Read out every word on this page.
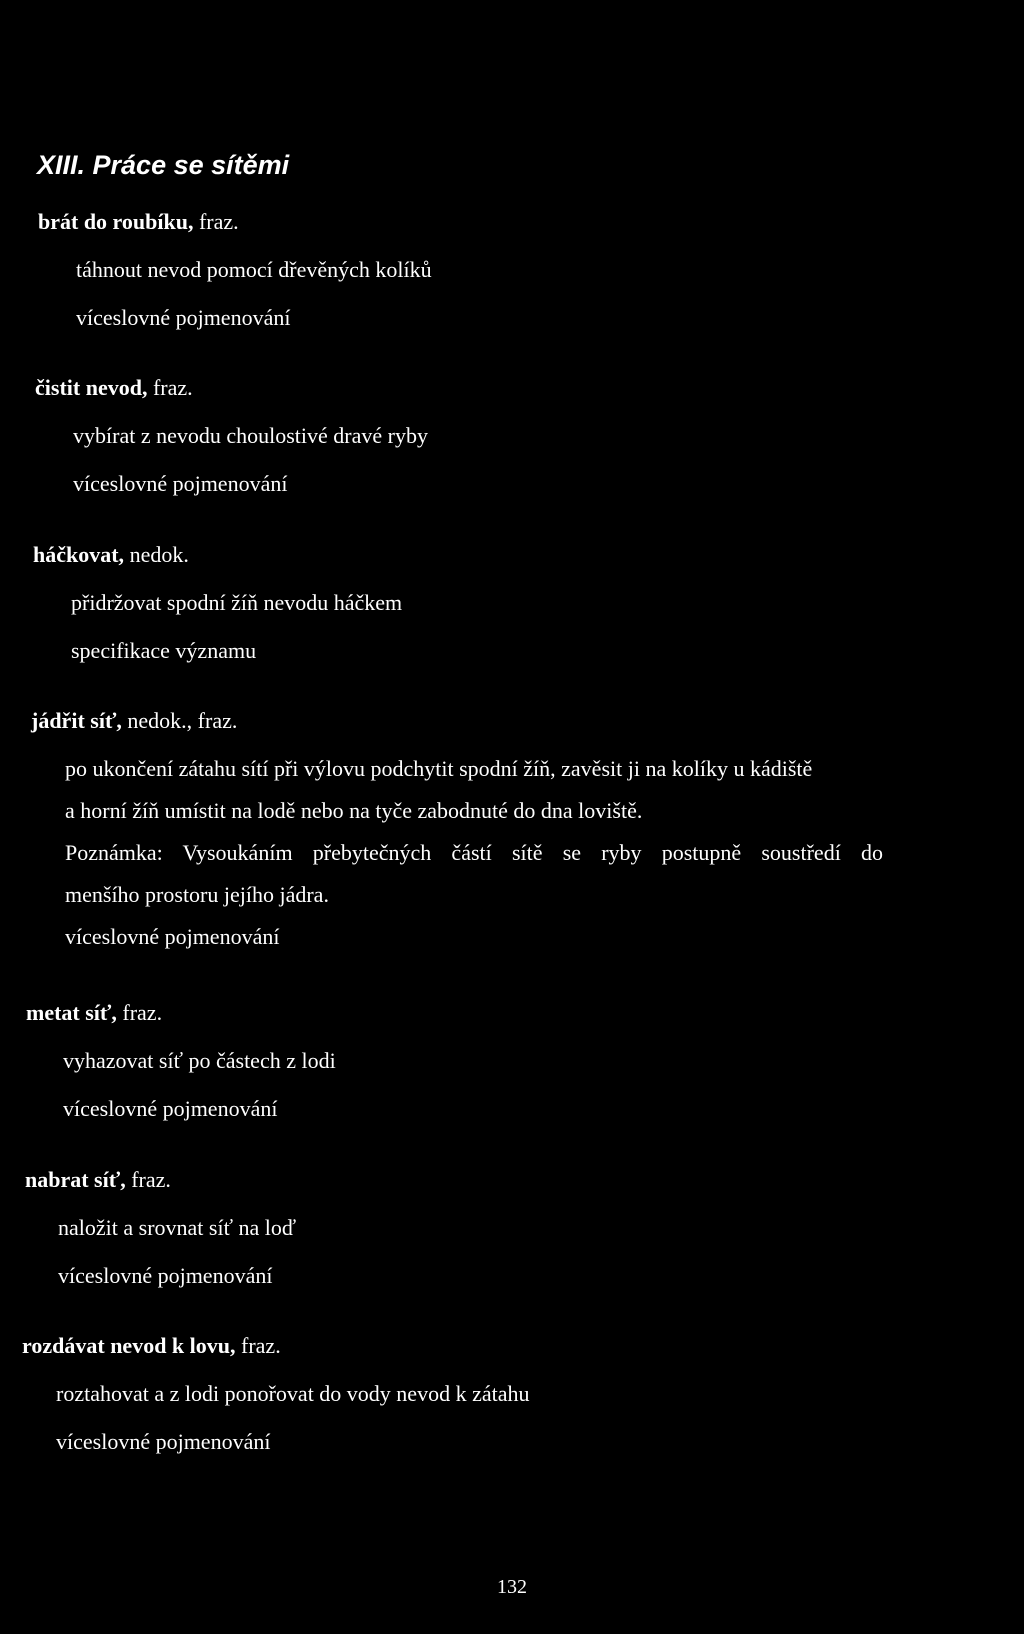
XIII. Práce se sítěmi
brát do roubíku, fraz.
táhnout nevod pomocí dřevěných kolíků
víceslovné pojmenování
čistit nevod, fraz.
vybírat z nevodu choulostivé dravé ryby
víceslovné pojmenování
háčkovat, nedok.
přidržovat spodní žíň nevodu háčkem
specifikace významu
jádřit síť, nedok., fraz.
po ukončení zátahu sítí při výlovu podchytit spodní žíň, zavěsit ji na kolíky u kádiště
a horní žíň umístit na lodě nebo na tyče zabodnuté do dna loviště.
Poznámka: Vysoukáním přebytečných částí sítě se ryby postupně soustředí do
menšího prostoru jejího jádra.
víceslovné pojmenování
metat síť, fraz.
vyhazovat síť po částech z lodi
víceslovné pojmenování
nabrat síť, fraz.
naložit a srovnat síť na loď
víceslovné pojmenování
rozdávat nevod k lovu, fraz.
roztahovat a z lodi ponořovat do vody nevod k zátahu
víceslovné pojmenování
132
